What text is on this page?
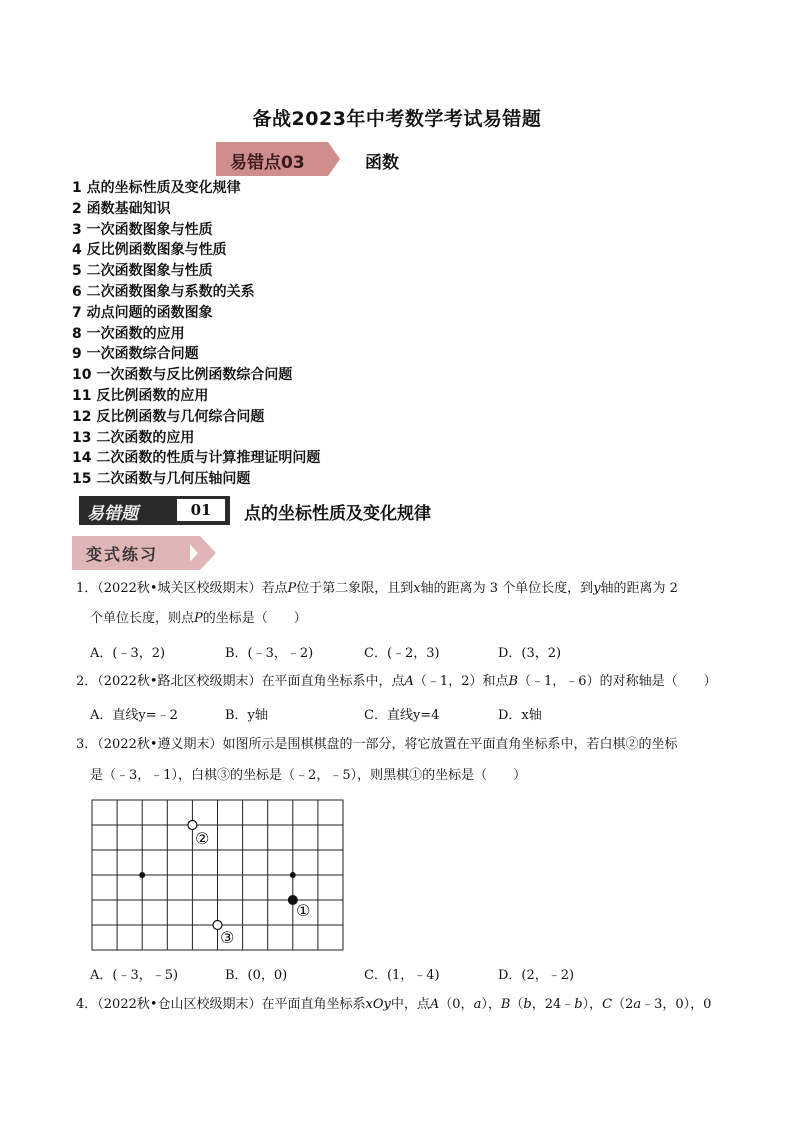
备战2023年中考数学考试易错题
易错点03	函数
1 点的坐标性质及变化规律
2 函数基础知识
3 一次函数图象与性质
4 反比例函数图象与性质
5 二次函数图象与性质
6 二次函数图象与系数的关系
7 动点问题的函数图象
8 一次函数的应用
9 一次函数综合问题
10 一次函数与反比例函数综合问题
11 反比例函数的应用
12 反比例函数与几何综合问题
13 二次函数的应用
14 二次函数的性质与计算推理证明问题
15 二次函数与几何压轴问题
易错题	01	点的坐标性质及变化规律
变式练习
1．（2022秋•城关区校级期末）若点P位于第二象限，且到x轴的距离为 3 个单位长度，到y轴的距离为 2
个单位长度，则点P的坐标是（　　）
A．(﹣3，2)	B．(﹣3，﹣2)	C．(﹣2，3)	D．(3，2)
2．（2022秋•路北区校级期末）在平面直角坐标系中，点A（﹣1，2）和点B（﹣1，﹣6）的对称轴是（　　）
A．直线y=﹣2	B．y轴	C．直线y=4	D．x轴
3．（2022秋•遵义期末）如图所示是围棋棋盘的一部分，将它放置在平面直角坐标系中，若白棋②的坐标
是（﹣3，﹣1），白棋③的坐标是（﹣2，﹣5），则黑棋①的坐标是（　　）
②
①
③
A．(﹣3，﹣5)	B．(0，0)	C．(1，﹣4)	D．(2，﹣2)
4．（2022秋•仓山区校级期末）在平面直角坐标系xOy中，点A（0，a），B（b，24﹣b），C（2a﹣3，0），0
